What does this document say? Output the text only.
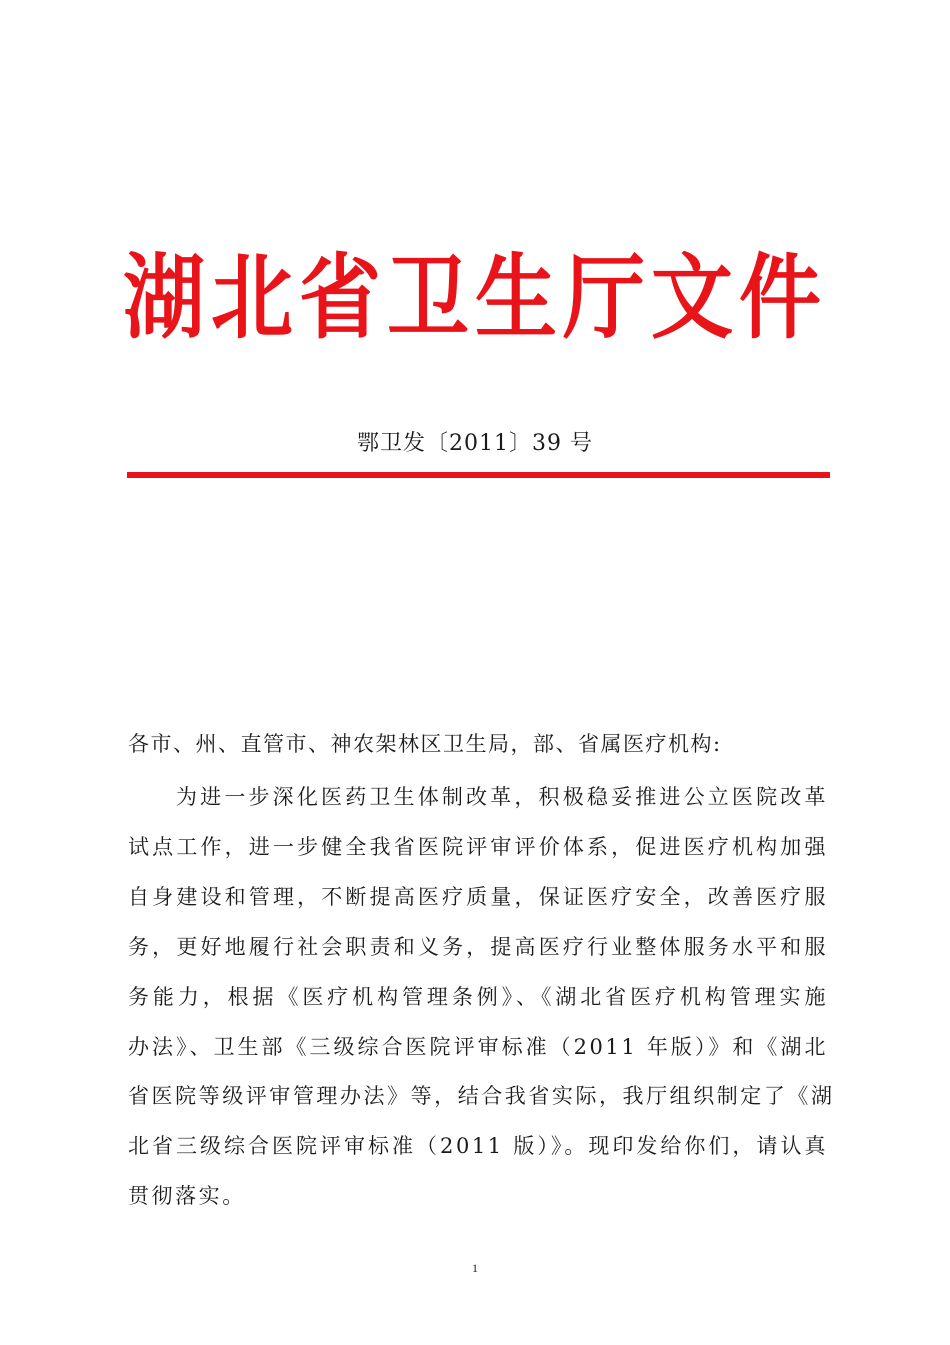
湖北省卫生厅文件
鄂卫发〔2011〕39 号
各市、州、直管市、神农架林区卫生局，部、省属医疗机构:
为进一步深化医药卫生体制改革，积极稳妥推进公立医院改革
试点工作，进一步健全我省医院评审评价体系，促进医疗机构加强
自身建设和管理，不断提高医疗质量，保证医疗安全，改善医疗服
务，更好地履行社会职责和义务，提高医疗行业整体服务水平和服
务能力，根据《医疗机构管理条例》、《湖北省医疗机构管理实施
办法》、卫生部《三级综合医院评审标准（2011 年版）》和《湖北
省医院等级评审管理办法》等，结合我省实际，我厅组织制定了《湖
北省三级综合医院评审标准（2011 版）》。现印发给你们，请认真
贯彻落实。
1
